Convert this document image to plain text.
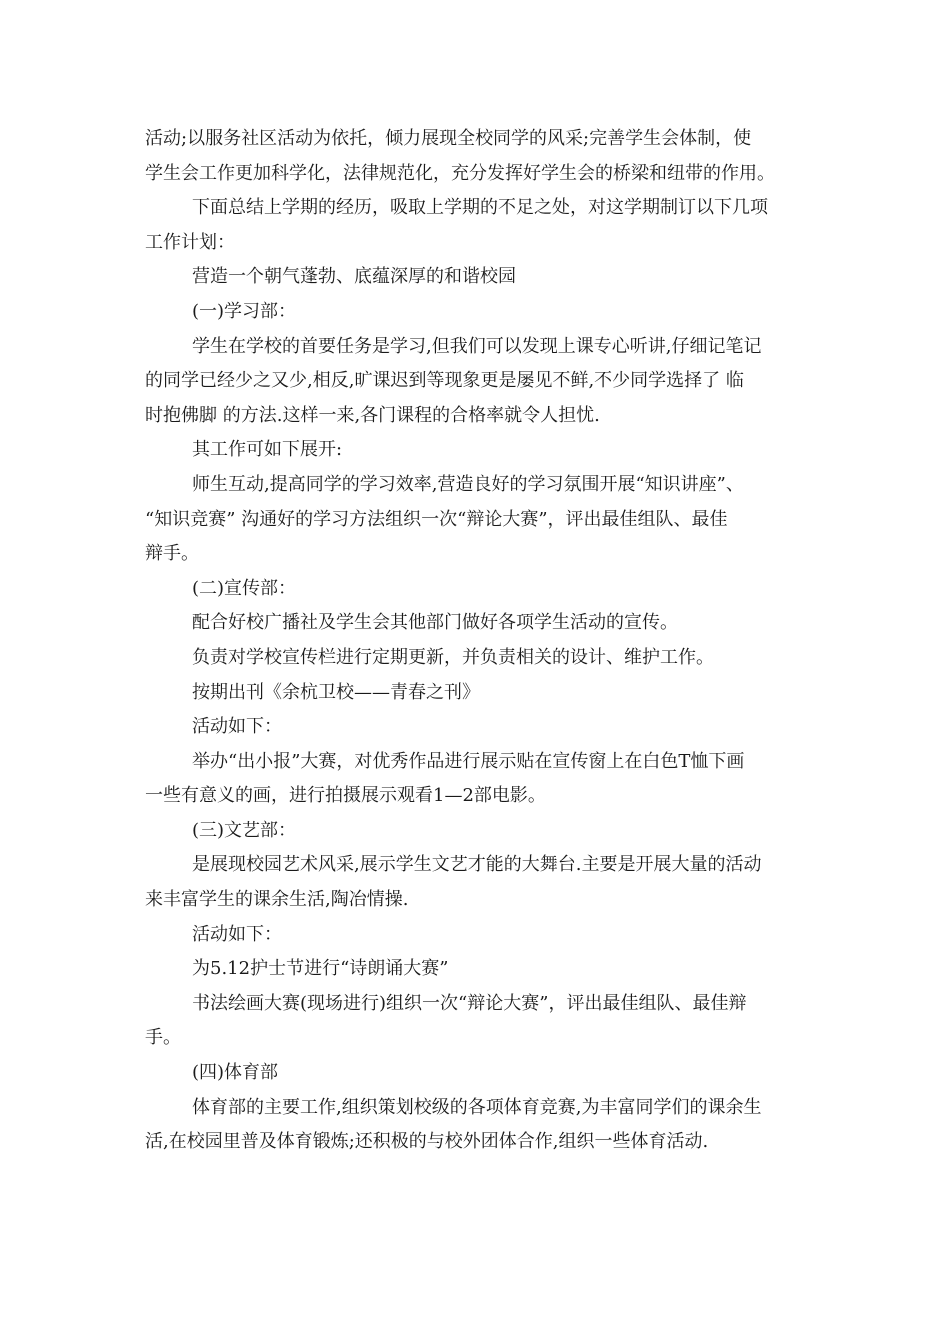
活动;以服务社区活动为依托，倾力展现全校同学的风采;完善学生会体制，使
学生会工作更加科学化，法律规范化，充分发挥好学生会的桥梁和纽带的作用。
下面总结上学期的经历，吸取上学期的不足之处，对这学期制订以下几项
工作计划：
营造一个朝气蓬勃、底蕴深厚的和谐校园
(一)学习部：
学生在学校的首要任务是学习,但我们可以发现上课专心听讲,仔细记笔记
的同学已经少之又少,相反,旷课迟到等现象更是屡见不鲜,不少同学选择了 临
时抱佛脚 的方法.这样一来,各门课程的合格率就令人担忧.
其工作可如下展开:
师生互动,提高同学的学习效率,营造良好的学习氛围开展“知识讲座”、
“知识竞赛” 沟通好的学习方法组织一次“辩论大赛”，评出最佳组队、最佳
辩手。
(二)宣传部：
配合好校广播社及学生会其他部门做好各项学生活动的宣传。
负责对学校宣传栏进行定期更新，并负责相关的设计、维护工作。
按期出刊《余杭卫校——青春之刊》
活动如下：
举办“出小报”大赛，对优秀作品进行展示贴在宣传窗上在白色T恤下画
一些有意义的画，进行拍摄展示观看1—2部电影。
(三)文艺部：
是展现校园艺术风采,展示学生文艺才能的大舞台.主要是开展大量的活动
来丰富学生的课余生活,陶冶情操.
活动如下：
为5.12护士节进行“诗朗诵大赛”
书法绘画大赛(现场进行)组织一次“辩论大赛”，评出最佳组队、最佳辩
手。
(四)体育部
体育部的主要工作,组织策划校级的各项体育竞赛,为丰富同学们的课余生
活,在校园里普及体育锻炼;还积极的与校外团体合作,组织一些体育活动.
